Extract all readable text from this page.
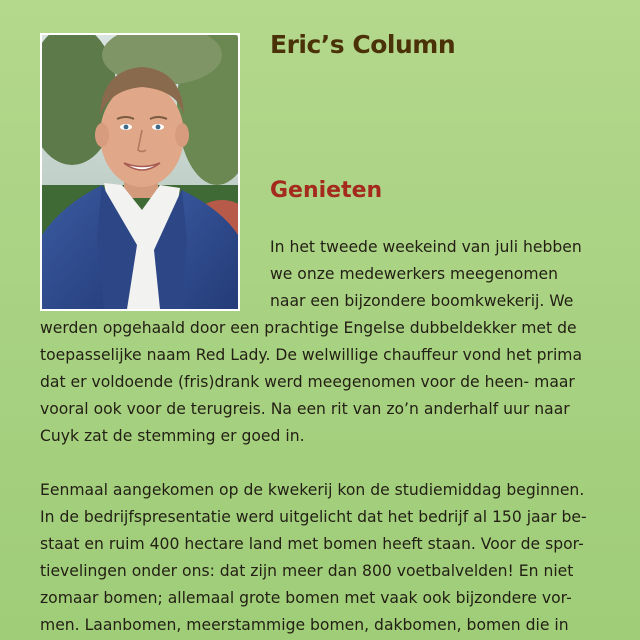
Eric’s Column
Genieten
In het tweede weekeind van juli hebben
we onze medewerkers meegenomen
naar een bijzondere boomkwekerij. We
werden opgehaald door een prachtige Engelse dubbeldekker met de
toepasselijke naam Red Lady. De welwillige chauffeur vond het prima
dat er voldoende (fris)drank werd meegenomen voor de heen- maar
vooral ook voor de terugreis. Na een rit van zo’n anderhalf uur naar
Cuyk zat de stemming er goed in.
Eenmaal aangekomen op de kwekerij kon de studiemiddag beginnen.
In de bedrijfspresentatie werd uitgelicht dat het bedrijf al 150 jaar be-
staat en ruim 400 hectare land met bomen heeft staan. Voor de spor-
tievelingen onder ons: dat zijn meer dan 800 voetbalvelden! En niet
zomaar bomen; allemaal grote bomen met vaak ook bijzondere vor-
men. Laanbomen, meerstammige bomen, dakbomen, bomen die in
